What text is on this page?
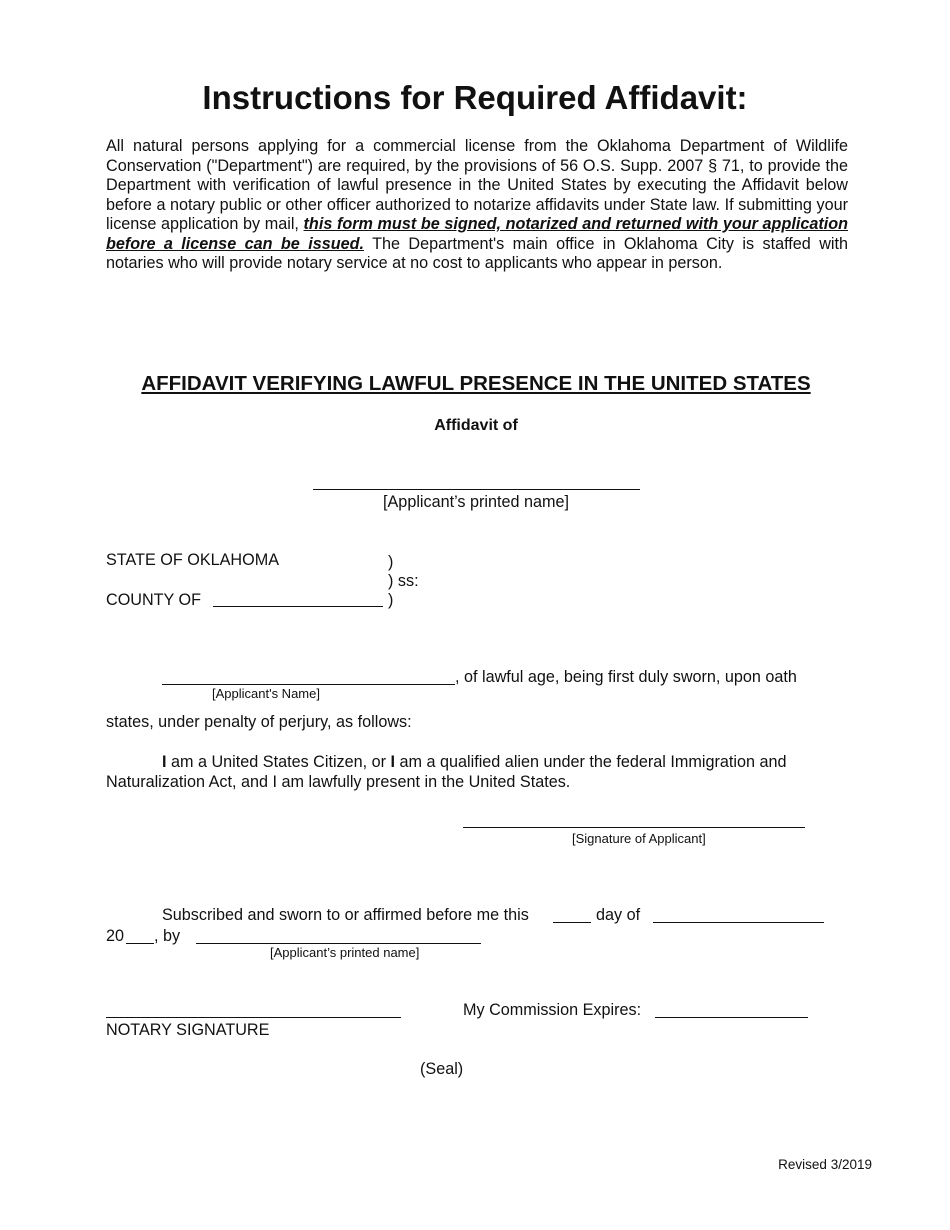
Instructions for Required Affidavit:
All natural persons applying for a commercial license from the Oklahoma Department of Wildlife Conservation ("Department") are required, by the provisions of 56 O.S. Supp. 2007 § 71, to provide the Department with verification of lawful presence in the United States by executing the Affidavit below before a notary public or other officer authorized to notarize affidavits under State law. If submitting your license application by mail, this form must be signed, notarized and returned with your application before a license can be issued. The Department's main office in Oklahoma City is staffed with notaries who will provide notary service at no cost to applicants who appear in person.
AFFIDAVIT VERIFYING LAWFUL PRESENCE IN THE UNITED STATES
Affidavit of
[Applicant’s printed name]
STATE OF OKLAHOMA	)
) ss:
COUNTY OF	)
, of lawful age, being first duly sworn, upon oath
[Applicant's Name]
states, under penalty of perjury, as follows:
I am a United States Citizen, or I am a qualified alien under the federal Immigration and
Naturalization Act, and I am lawfully present in the United States.
[Signature of Applicant]
Subscribed and sworn to or affirmed before me this	day of
20 , by
[Applicant’s printed name]
NOTARY SIGNATURE
My Commission Expires:
(Seal)
Revised 3/2019
